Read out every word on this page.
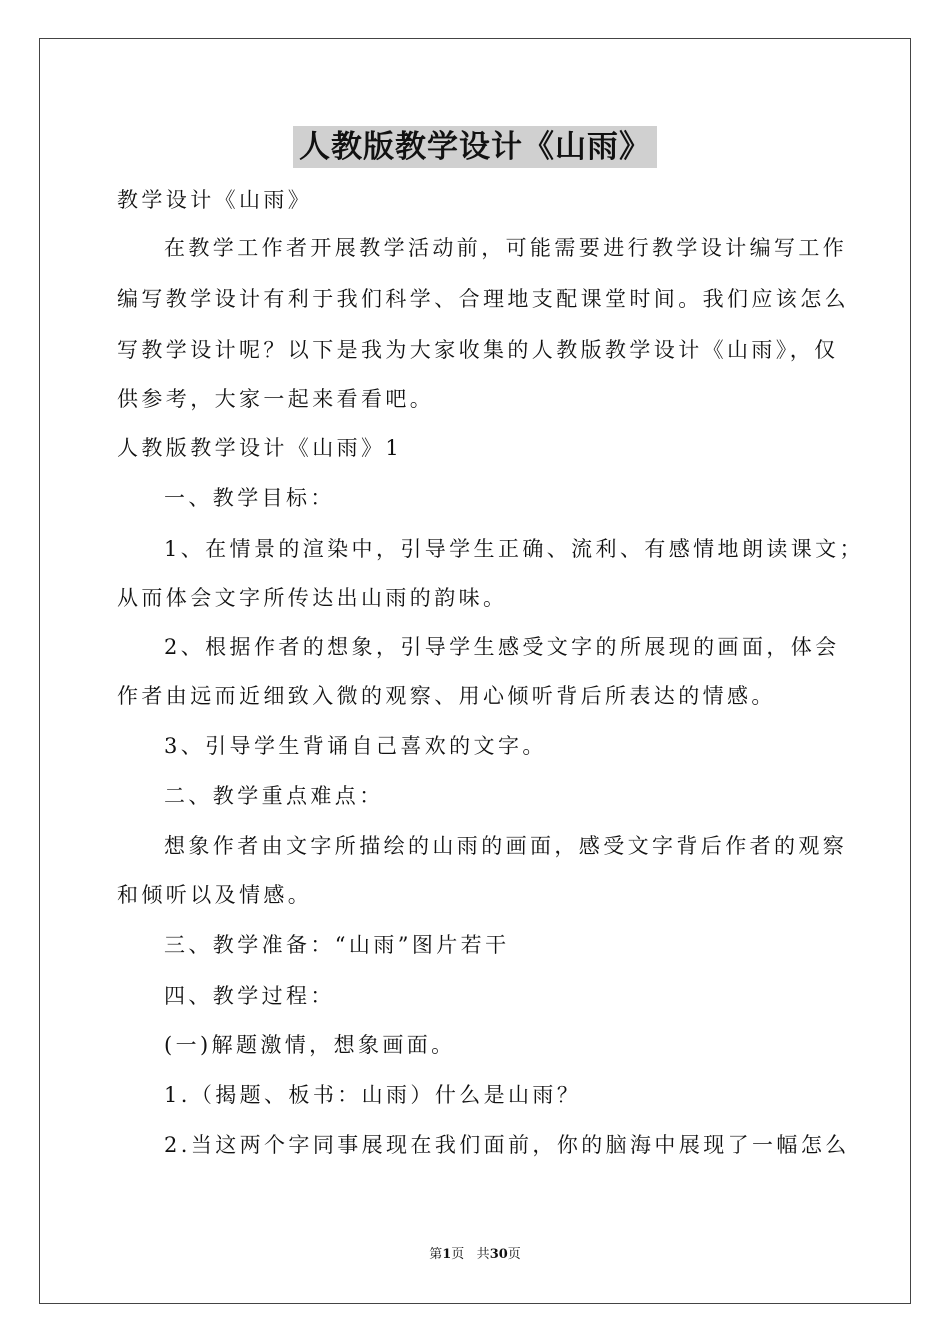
人教版教学设计《山雨》
教学设计《山雨》
在教学工作者开展教学活动前，可能需要进行教学设计编写工作
编写教学设计有利于我们科学、合理地支配课堂时间。我们应该怎么
写教学设计呢？以下是我为大家收集的人教版教学设计《山雨》，仅
供参考，大家一起来看看吧。
人教版教学设计《山雨》1
一、教学目标：
1、在情景的渲染中，引导学生正确、流利、有感情地朗读课文；
从而体会文字所传达出山雨的韵味。
2、根据作者的想象，引导学生感受文字的所展现的画面，体会
作者由远而近细致入微的观察、用心倾听背后所表达的情感。
3、引导学生背诵自己喜欢的文字。
二、教学重点难点：
想象作者由文字所描绘的山雨的画面，感受文字背后作者的观察
和倾听以及情感。
三、教学准备：“山雨”图片若干
四、教学过程：
(一)解题激情，想象画面。
1.（揭题、板书：山雨）什么是山雨？
2.当这两个字同事展现在我们面前，你的脑海中展现了一幅怎么
第1页 共30页
